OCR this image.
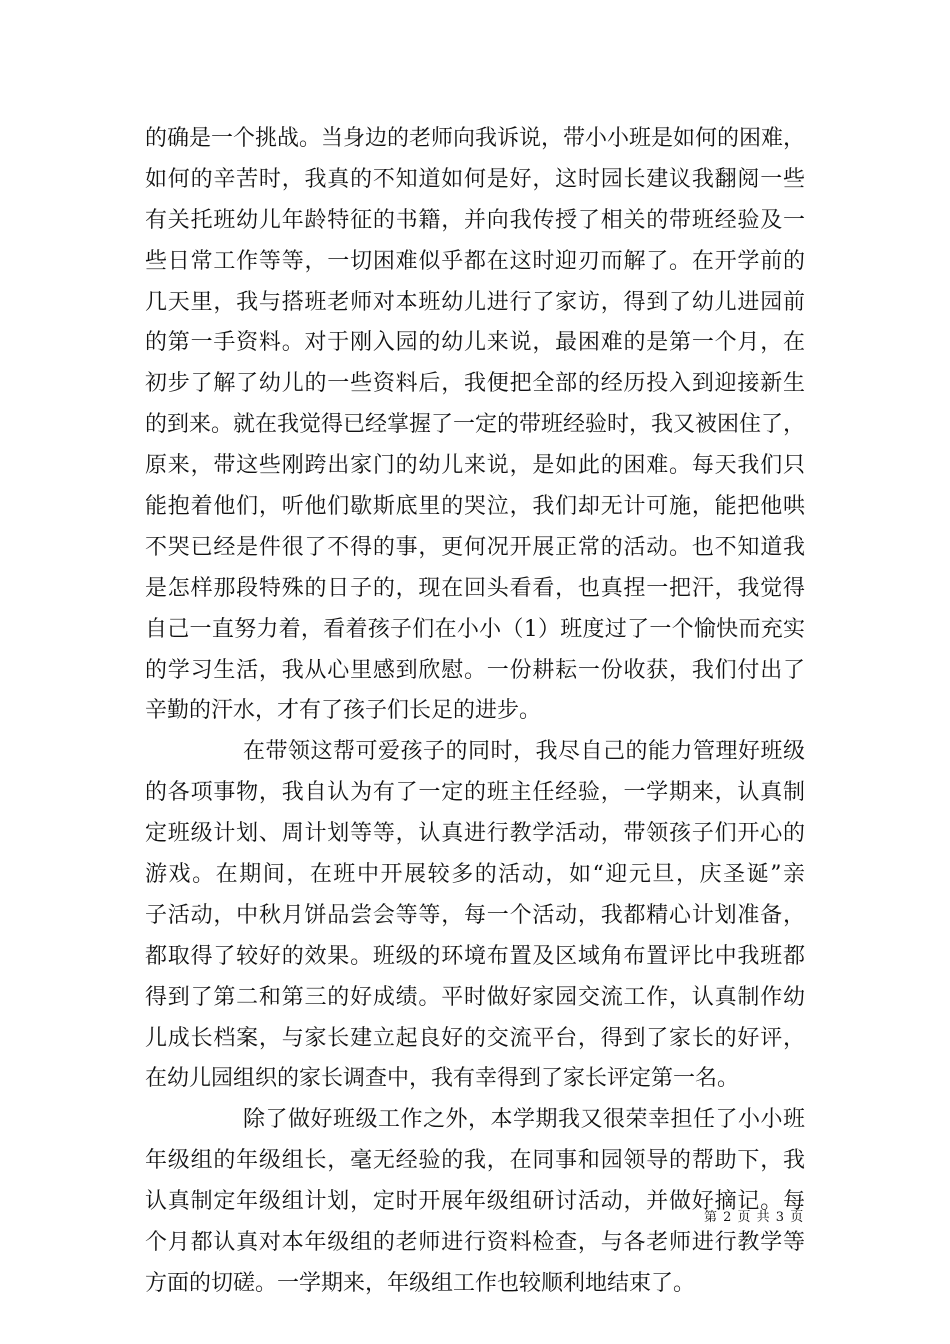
的确是一个挑战。当身边的老师向我诉说，带小小班是如何的困难，
如何的辛苦时，我真的不知道如何是好，这时园长建议我翻阅一些
有关托班幼儿年龄特征的书籍，并向我传授了相关的带班经验及一
些日常工作等等，一切困难似乎都在这时迎刃而解了。在开学前的
几天里，我与搭班老师对本班幼儿进行了家访，得到了幼儿进园前
的第一手资料。对于刚入园的幼儿来说，最困难的是第一个月，在
初步了解了幼儿的一些资料后，我便把全部的经历投入到迎接新生
的到来。就在我觉得已经掌握了一定的带班经验时，我又被困住了，
原来，带这些刚跨出家门的幼儿来说，是如此的困难。每天我们只
能抱着他们，听他们歇斯底里的哭泣，我们却无计可施，能把他哄
不哭已经是件很了不得的事，更何况开展正常的活动。也不知道我
是怎样那段特殊的日子的，现在回头看看，也真捏一把汗，我觉得
自己一直努力着，看着孩子们在小小（1）班度过了一个愉快而充实
的学习生活，我从心里感到欣慰。一份耕耘一份收获，我们付出了
辛勤的汗水，才有了孩子们长足的进步。
在带领这帮可爱孩子的同时，我尽自己的能力管理好班级
的各项事物，我自认为有了一定的班主任经验，一学期来，认真制
定班级计划、周计划等等，认真进行教学活动，带领孩子们开心的
游戏。在期间，在班中开展较多的活动，如“迎元旦，庆圣诞”亲
子活动，中秋月饼品尝会等等，每一个活动，我都精心计划准备，
都取得了较好的效果。班级的环境布置及区域角布置评比中我班都
得到了第二和第三的好成绩。平时做好家园交流工作，认真制作幼
儿成长档案，与家长建立起良好的交流平台，得到了家长的好评，
在幼儿园组织的家长调查中，我有幸得到了家长评定第一名。
除了做好班级工作之外，本学期我又很荣幸担任了小小班
年级组的年级组长，毫无经验的我，在同事和园领导的帮助下，我
认真制定年级组计划，定时开展年级组研讨活动，并做好摘记。每
个月都认真对本年级组的老师进行资料检查，与各老师进行教学等
方面的切磋。一学期来，年级组工作也较顺利地结束了。
第 2 页 共 3 页
